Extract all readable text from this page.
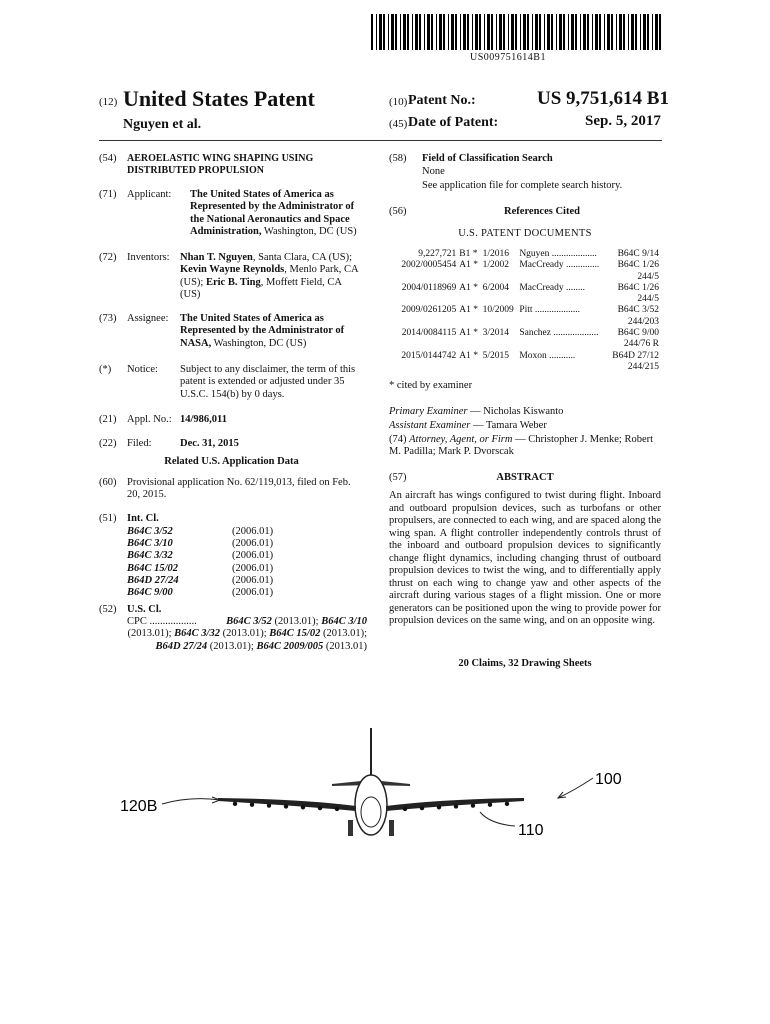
US009751614B1
(12) United States Patent
Nguyen et al.
(10) Patent No.:	US 9,751,614 B1
(45) Date of Patent:	Sep. 5, 2017
(54) AEROELASTIC WING SHAPING USING DISTRIBUTED PROPULSION
(71) Applicant: The United States of America as Represented by the Administrator of the National Aeronautics and Space Administration, Washington, DC (US)
(72) Inventors: Nhan T. Nguyen, Santa Clara, CA (US); Kevin Wayne Reynolds, Menlo Park, CA (US); Eric B. Ting, Moffett Field, CA (US)
(73) Assignee: The United States of America as Represented by the Administrator of NASA, Washington, DC (US)
(*) Notice: Subject to any disclaimer, the term of this patent is extended or adjusted under 35 U.S.C. 154(b) by 0 days.
(21) Appl. No.: 14/986,011
(22) Filed:	Dec. 31, 2015
Related U.S. Application Data
(60) Provisional application No. 62/119,013, filed on Feb. 20, 2015.
(51) Int. Cl.
B64C 3/52	(2006.01)
B64C 3/10	(2006.01)
B64C 3/32	(2006.01)
B64C 15/02	(2006.01)
B64D 27/24	(2006.01)
B64C 9/00	(2006.01)
(52) U.S. Cl.
CPC ..................	B64C 3/52 (2013.01); B64C 3/10 (2013.01); B64C 3/32 (2013.01); B64C 15/02 (2013.01); B64D 27/24 (2013.01); B64C 2009/005 (2013.01)
(58) Field of Classification Search
None
See application file for complete search history.
(56)	References Cited
U.S. PATENT DOCUMENTS
9,227,721	B1 *	1/2016	Nguyen ...................	B64C 9/14
2002/0005454	A1 *	1/2002	MacCready ..............	B64C 1/26
244/5				
2004/0118969	A1 *	6/2004	MacCready ........	B64C 1/26
244/5				
2009/0261205	A1 *	10/2009	Pitt ...................	B64C 3/52
244/203				
2014/0084115	A1 *	3/2014	Sanchez ...................	B64C 9/00
244/76 R				
2015/0144742	A1 *	5/2015	Moxon ...........	B64D 27/12
244/215				
* cited by examiner
Primary Examiner — Nicholas Kiswanto
Assistant Examiner — Tamara Weber
(74) Attorney, Agent, or Firm — Christopher J. Menke; Robert M. Padilla; Mark P. Dvorscak
(57)	ABSTRACT
An aircraft has wings configured to twist during flight. Inboard and outboard propulsion devices, such as turbofans or other propulsers, are connected to each wing, and are spaced along the wing span. A flight controller independently controls thrust of the inboard and outboard propulsion devices to significantly change flight dynamics, including changing thrust of outboard propulsion devices to twist the wing, and to differentially apply thrust on each wing to change yaw and other aspects of the aircraft during various stages of a flight mission. One or more generators can be positioned upon the wing to provide power for propulsion devices on the same wing, and on an opposite wing.
20 Claims, 32 Drawing Sheets
120B
100
110
